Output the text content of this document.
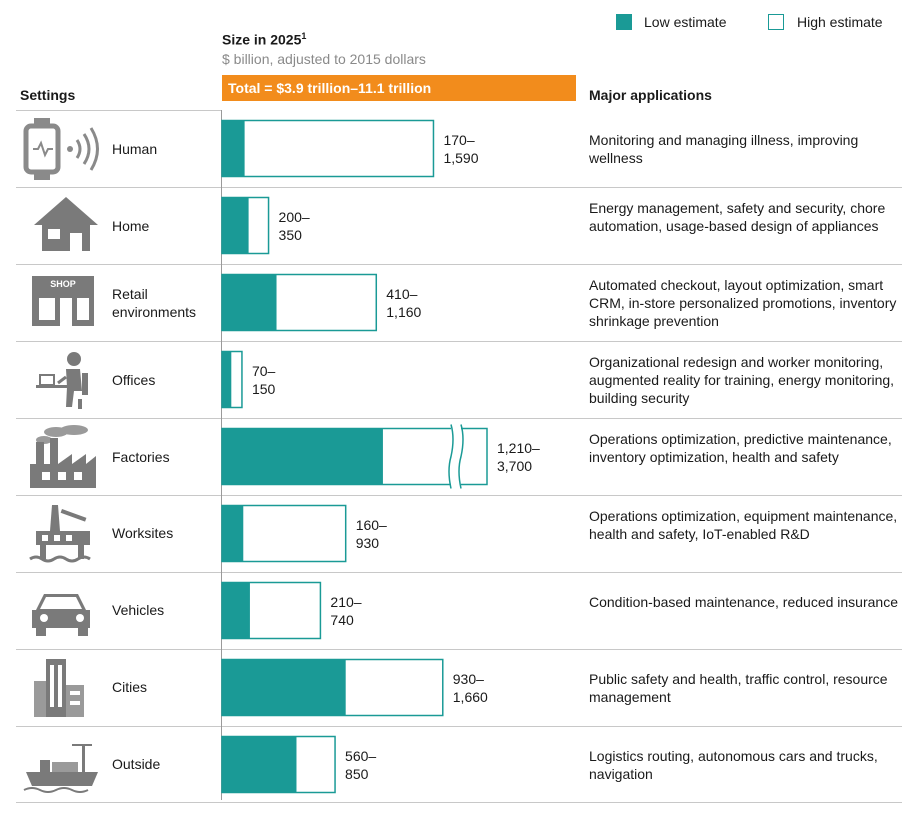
Low estimate	High estimate
Size in 2025$^1$
$ billion, adjusted to 2015 dollars
Total = $3.9 trillion–11.1 trillion
Settings	Major applications
SHOP
Human
Home
Retail
environments
Offices
Factories
Worksites
Vehicles
Cities
Outside
170–
1,590
200–
350
410–
1,160
70–
150
1,210–
3,700
160–
930
210–
740
930–
1,660
560–
850
Monitoring and managing illness, improving wellness
Energy management, safety and security, chore automation, usage-based design of appliances
Automated checkout, layout optimization, smart CRM, in-store personalized promotions, inventory shrinkage prevention
Organizational redesign and worker monitoring, augmented reality for training, energy monitoring, building security
Operations optimization, predictive maintenance, inventory optimization, health and safety
Operations optimization, equipment maintenance, health and safety, IoT-enabled R&D
Condition-based maintenance, reduced insurance
Public safety and health, traffic control, resource management
Logistics routing, autonomous cars and trucks, navigation
